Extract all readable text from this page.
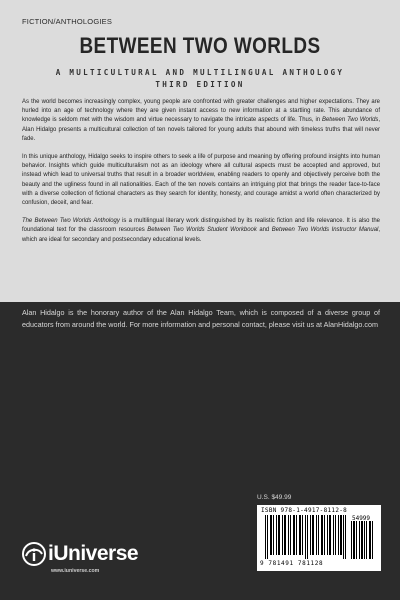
FICTION/ANTHOLOGIES
BETWEEN TWO WORLDS
A MULTICULTURAL AND MULTILINGUAL ANTHOLOGY
THIRD EDITION

As the world becomes increasingly complex, young people are confronted with greater challenges and higher expectations. They are hurled into an age of technology where they are given instant access to new information at a startling rate. This abundance of knowledge is seldom met with the wisdom and virtue necessary to navigate the intricate aspects of life. Thus, in Between Two Worlds, Alan Hidalgo presents a multicultural collection of ten novels tailored for young adults that abound with timeless truths that will never fade.

In this unique anthology, Hidalgo seeks to inspire others to seek a life of purpose and meaning by offering profound insights into human behavior. Insights which guide multiculturalism not as an ideology where all cultural aspects must be accepted and approved, but instead which lead to universal truths that result in a broader worldview, enabling readers to openly and objectively perceive both the beauty and the ugliness found in all nationalities. Each of the ten novels contains an intriguing plot that brings the reader face-to-face with a diverse collection of fictional characters as they search for identity, honesty, and courage amidst a world often characterized by confusion, deceit, and fear.

The Between Two Worlds Anthology is a multilingual literary work distinguished by its realistic fiction and life relevance. It is also the foundational text for the classroom resources Between Two Worlds Student Workbook and Between Two Worlds Instructor Manual, which are ideal for secondary and postsecondary educational levels.

Alan Hidalgo is the honorary author of the Alan Hidalgo Team, which is composed of a diverse group of educators from around the world. For more information and personal contact, please visit us at AlanHidalgo.com
U.S. $49.99
ISBN 978-1-4917-8112-8
54999
9 781491 781128
iUniverse
www.iuniverse.com
